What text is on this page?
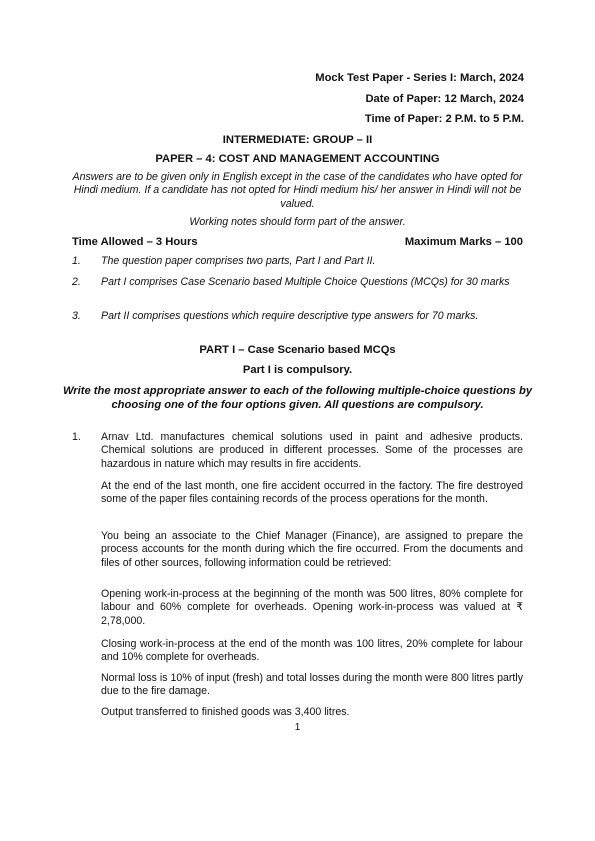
Mock Test Paper - Series I: March, 2024
Date of Paper: 12 March, 2024
Time of Paper: 2 P.M. to 5 P.M.
INTERMEDIATE: GROUP – II
PAPER – 4: COST AND MANAGEMENT ACCOUNTING
Answers are to be given only in English except in the case of the candidates who have opted for Hindi medium. If a candidate has not opted for Hindi medium his/ her answer in Hindi will not be valued.
Working notes should form part of the answer.
Time Allowed – 3 Hours	Maximum Marks – 100
1. The question paper comprises two parts, Part I and Part II.
2. Part I comprises Case Scenario based Multiple Choice Questions (MCQs) for 30 marks
3. Part II comprises questions which require descriptive type answers for 70 marks.
PART I – Case Scenario based MCQs
Part I is compulsory.
Write the most appropriate answer to each of the following multiple-choice questions by choosing one of the four options given. All questions are compulsory.
1. Arnav Ltd. manufactures chemical solutions used in paint and adhesive products. Chemical solutions are produced in different processes. Some of the processes are hazardous in nature which may results in fire accidents.
At the end of the last month, one fire accident occurred in the factory. The fire destroyed some of the paper files containing records of the process operations for the month.
You being an associate to the Chief Manager (Finance), are assigned to prepare the process accounts for the month during which the fire occurred. From the documents and files of other sources, following information could be retrieved:
Opening work-in-process at the beginning of the month was 500 litres, 80% complete for labour and 60% complete for overheads. Opening work-in-process was valued at ₹ 2,78,000.
Closing work-in-process at the end of the month was 100 litres, 20% complete for labour and 10% complete for overheads.
Normal loss is 10% of input (fresh) and total losses during the month were 800 litres partly due to the fire damage.
Output transferred to finished goods was 3,400 litres.
1
